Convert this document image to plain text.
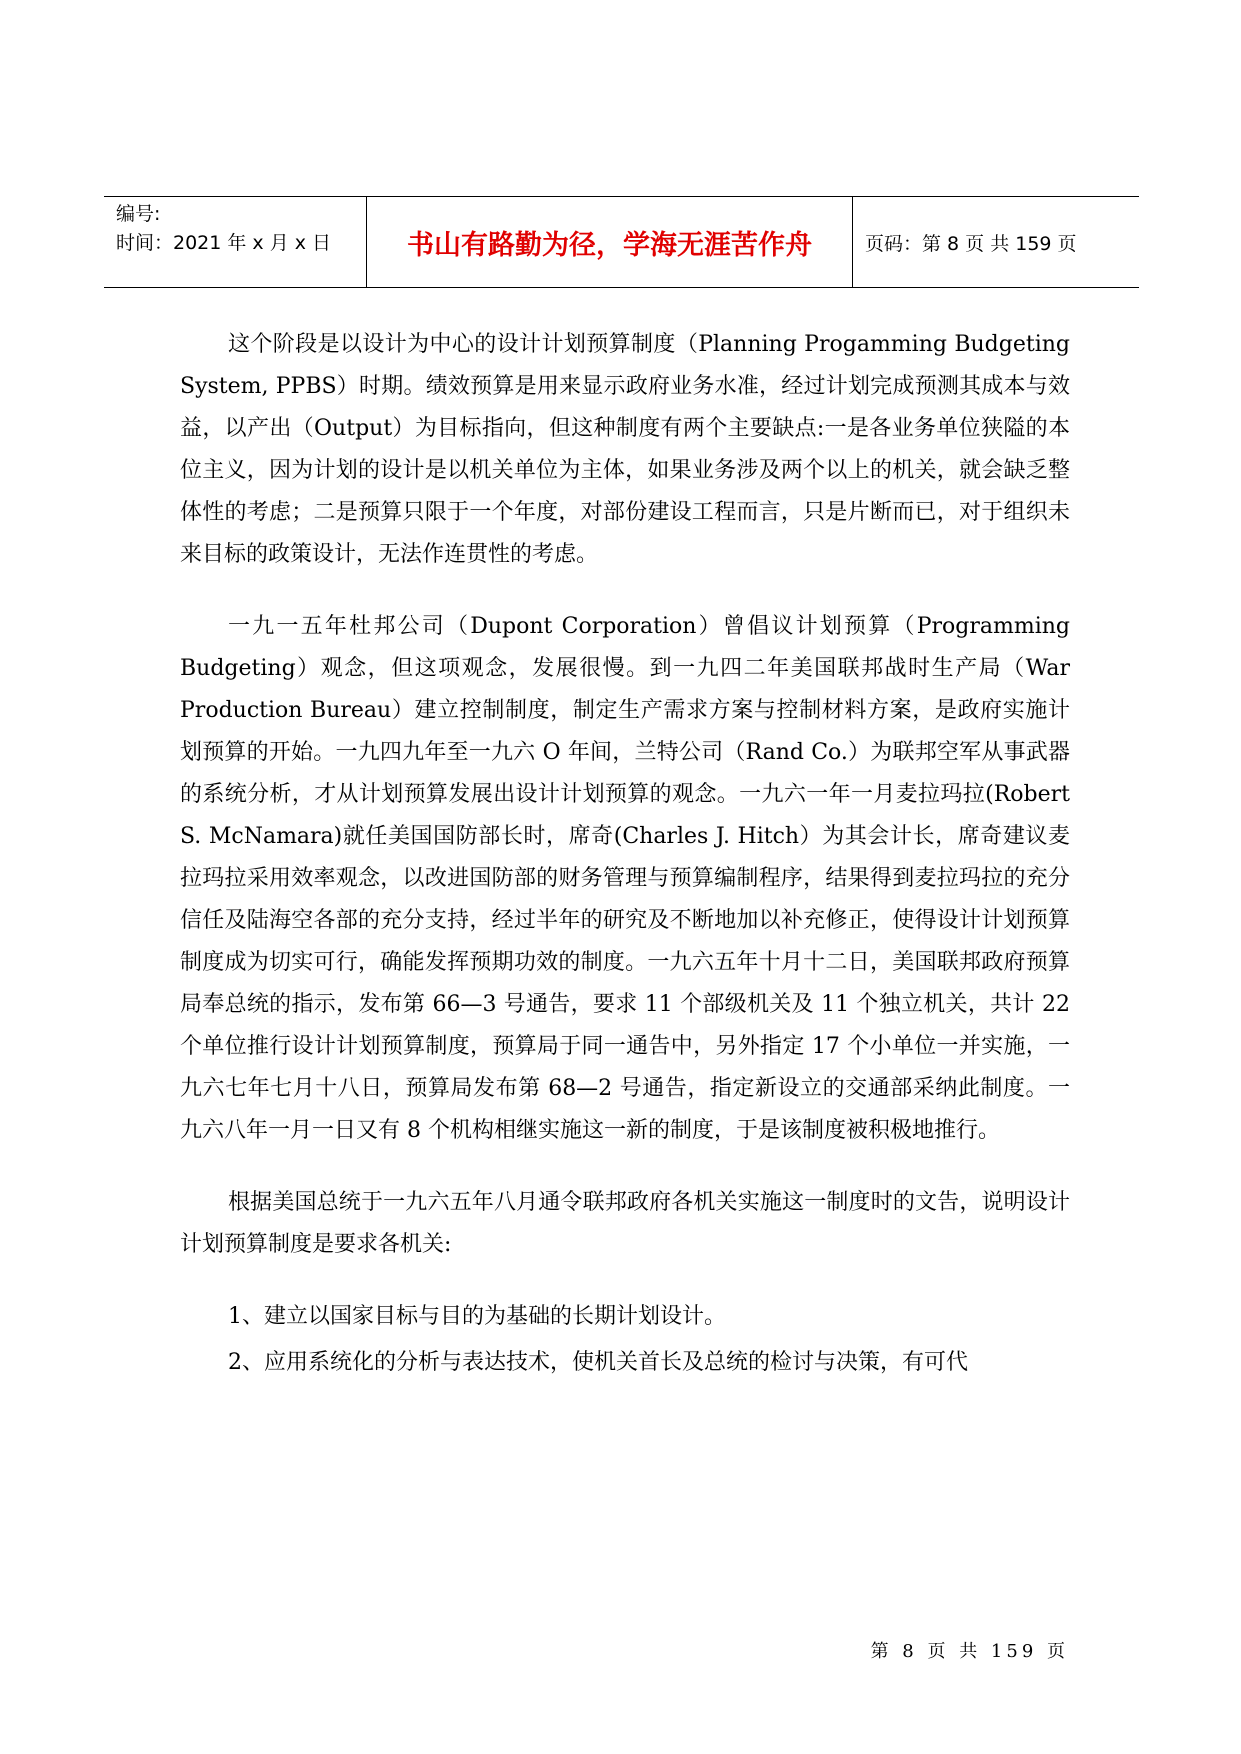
编号:
时间：2021 年 x 月 x 日	书山有路勤为径，学海无涯苦作舟	页码：第 8 页 共 159 页

这个阶段是以设计为中心的设计计划预算制度（Planning Progamming Budgeting System, PPBS）时期。绩效预算是用来显示政府业务水准，经过计划完成预测其成本与效益，以产出（Output）为目标指向，但这种制度有两个主要缺点:一是各业务单位狭隘的本位主义，因为计划的设计是以机关单位为主体，如果业务涉及两个以上的机关，就会缺乏整体性的考虑；二是预算只限于一个年度，对部份建设工程而言，只是片断而已，对于组织未来目标的政策设计，无法作连贯性的考虑。

一九一五年杜邦公司（Dupont Corporation）曾倡议计划预算（Programming Budgeting）观念，但这项观念，发展很慢。到一九四二年美国联邦战时生产局（War Production Bureau）建立控制制度，制定生产需求方案与控制材料方案，是政府实施计划预算的开始。一九四九年至一九六 O 年间，兰特公司（Rand Co.）为联邦空军从事武器的系统分析，才从计划预算发展出设计计划预算的观念。一九六一年一月麦拉玛拉(Robert S. McNamara)就任美国国防部长时，席奇(Charles J. Hitch）为其会计长，席奇建议麦拉玛拉采用效率观念，以改进国防部的财务管理与预算编制程序，结果得到麦拉玛拉的充分信任及陆海空各部的充分支持，经过半年的研究及不断地加以补充修正，使得设计计划预算制度成为切实可行，确能发挥预期功效的制度。一九六五年十月十二日，美国联邦政府预算局奉总统的指示，发布第 66—3 号通告，要求 11 个部级机关及 11 个独立机关，共计 22 个单位推行设计计划预算制度，预算局于同一通告中，另外指定 17 个小单位一并实施，一九六七年七月十八日，预算局发布第 68—2 号通告，指定新设立的交通部采纳此制度。一九六八年一月一日又有 8 个机构相继实施这一新的制度，于是该制度被积极地推行。

根据美国总统于一九六五年八月通令联邦政府各机关实施这一制度时的文告，说明设计计划预算制度是要求各机关:

1、建立以国家目标与目的为基础的长期计划设计。

2、应用系统化的分析与表达技术，使机关首长及总统的检讨与决策，有可代

第 8 页 共 159 页
